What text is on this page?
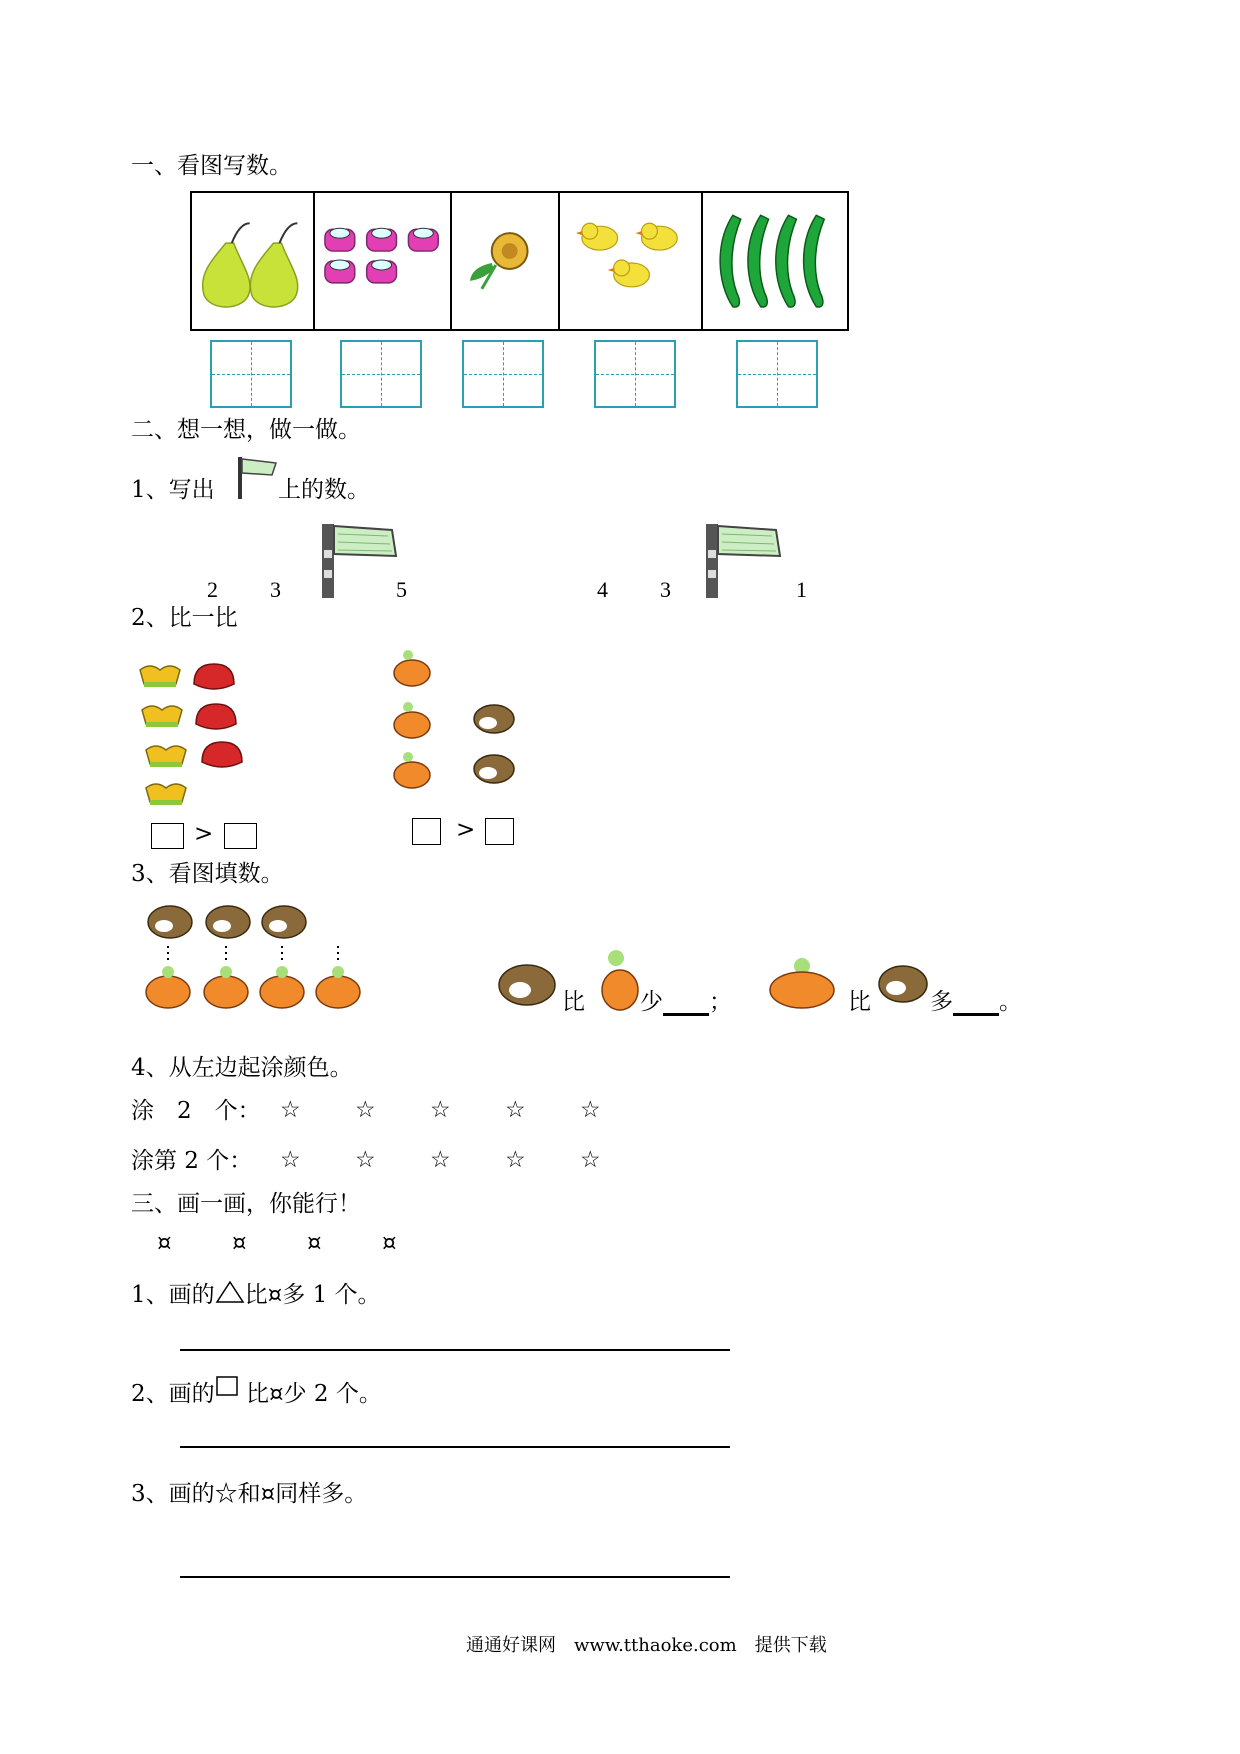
一、看图写数。
二、想一想，做一做。
1、写出	上的数。
2 3	5	4 3	1
2、比一比
>	>
3、看图填数。
比 少 ；	比	多 。
4、从左边起涂颜色。
涂　2　个： ☆ ☆ ☆ ☆ ☆
涂第 2 个： ☆ ☆ ☆ ☆ ☆
三、画一画，你能行！
¤	¤	¤	¤
1、画的 比¤多 1 个。
2、画的 比¤少 2 个。
3、画的☆和¤同样多。
通通好课网　www.tthaoke.com　提供下载
